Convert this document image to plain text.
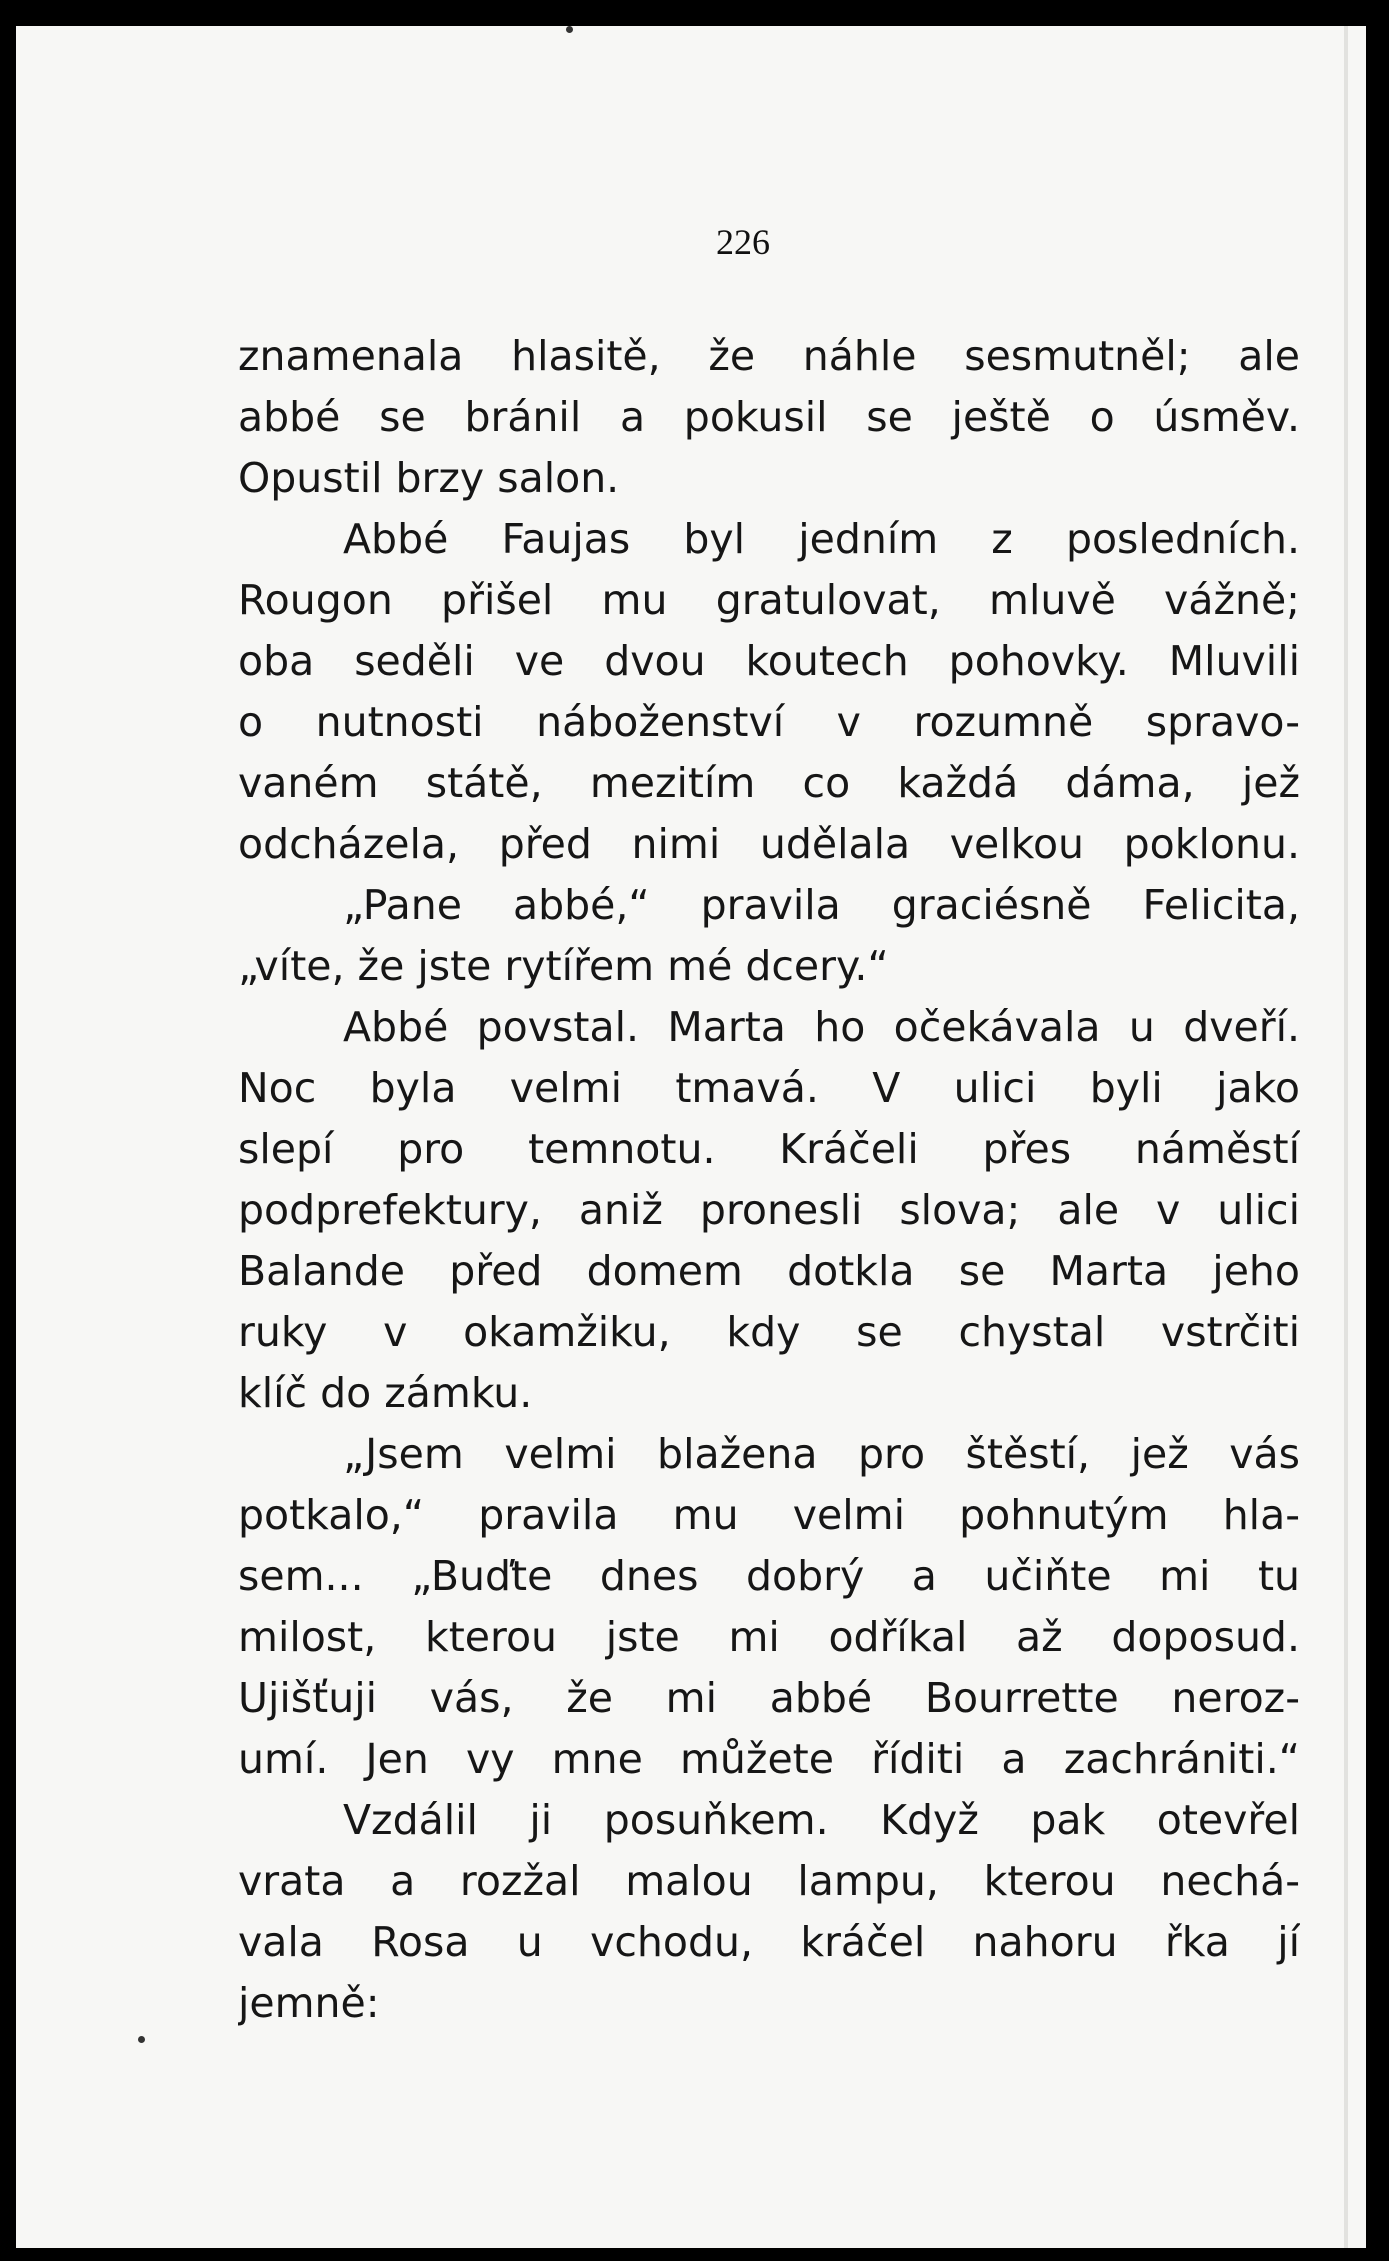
226
znamenala hlasitě, že náhle sesmutněl; ale
abbé se bránil a pokusil se ještě o úsměv.
Opustil brzy salon.
Abbé Faujas byl jedním z posledních.
Rougon přišel mu gratulovat, mluvě vážně;
oba seděli ve dvou koutech pohovky. Mluvili
o nutnosti náboženství v rozumně spravo-
vaném státě, mezitím co každá dáma, jež
odcházela, před nimi udělala velkou poklonu.
„Pane abbé,“ pravila graciésně Felicita,
„víte, že jste rytířem mé dcery.“
Abbé povstal. Marta ho očekávala u dveří.
Noc byla velmi tmavá. V ulici byli jako
slepí pro temnotu. Kráčeli přes náměstí
podprefektury, aniž pronesli slova; ale v ulici
Balande před domem dotkla se Marta jeho
ruky v okamžiku, kdy se chystal vstrčiti
klíč do zámku.
„Jsem velmi blažena pro štěstí, jež vás
potkalo,“ pravila mu velmi pohnutým hla-
sem... „Buďte dnes dobrý a učiňte mi tu
milost, kterou jste mi odříkal až doposud.
Ujišťuji vás, že mi abbé Bourrette neroz-
umí. Jen vy mne můžete říditi a zachrániti.“
Vzdálil ji posuňkem. Když pak otevřel
vrata a rozžal malou lampu, kterou nechá-
vala Rosa u vchodu, kráčel nahoru řka jí
jemně:
